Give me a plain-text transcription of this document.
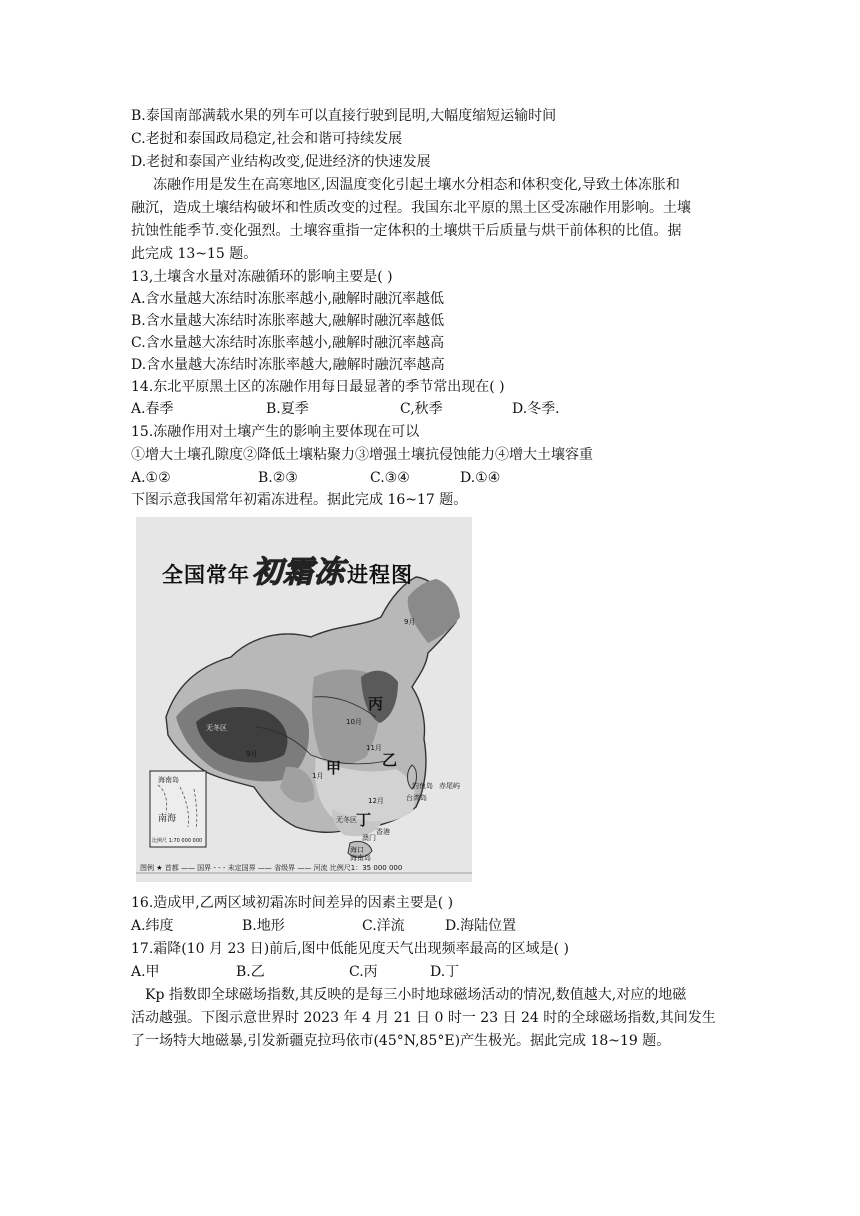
B.泰国南部满载水果的列车可以直接行驶到昆明,大幅度缩短运输时间
C.老挝和泰国政局稳定,社会和谐可持续发展
D.老挝和泰国产业结构改变,促进经济的快速发展
冻融作用是发生在高寒地区,因温度变化引起土壤水分相态和体积变化,导致土体冻胀和
融沉，造成土壤结构破坏和性质改变的过程。我国东北平原的黑土区受冻融作用影响。土壤
抗蚀性能季节.变化强烈。土壤容重指一定体积的土壤烘干后质量与烘干前体积的比值。据
此完成 13~15 题。
13,土壤含水量对冻融循环的影响主要是( )
A.含水量越大冻结时冻胀率越小,融解时融沉率越低
B.含水量越大冻结时冻胀率越大,融解时融沉率越低
C.含水量越大冻结时冻胀率越小,融解时融沉率越高
D.含水量越大冻结时冻胀率越大,融解时融沉率越高
14.东北平原黑土区的冻融作用每日最显著的季节常出现在( )
A.春季	B.夏季	C,秋季	D.冬季.
15.冻融作用对土壤产生的影响主要体现在可以
①增大土壤孔隙度②降低土壤粘聚力③增强土壤抗侵蚀能力④增大土壤容重
A.①②	B.②③	C.③④	D.①④
下图示意我国常年初霜冻进程。据此完成 16~17 题。
全国常年初霜冻进程图
9月
10月
11月
12月
1月
9月
无冬区
无冬区
丙
乙
甲
丁
钓鱼岛 赤尾屿
台湾岛
香港
澳门
海口
海南岛
海南岛
南海
比例尺 1:70 000 000
图例 ★ 首都 —— 国界 - - - 未定国界 —— 省级界 —— 河流 比例尺1：35 000 000
16.造成甲,乙两区域初霜冻时间差异的因素主要是( )
A.纬度	B.地形	C.洋流	D.海陆位置
17.霜降(10 月 23 日)前后,图中低能见度天气出现频率最高的区域是( )
A.甲	B.乙	C.丙	D.丁
Kp 指数即全球磁场指数,其反映的是每三小时地球磁场活动的情况,数值越大,对应的地磁
活动越强。下图示意世界时 2023 年 4 月 21 日 0 时一 23 日 24 时的全球磁场指数,其间发生
了一场特大地磁暴,引发新疆克拉玛依市(45°N,85°E)产生极光。据此完成 18~19 题。
